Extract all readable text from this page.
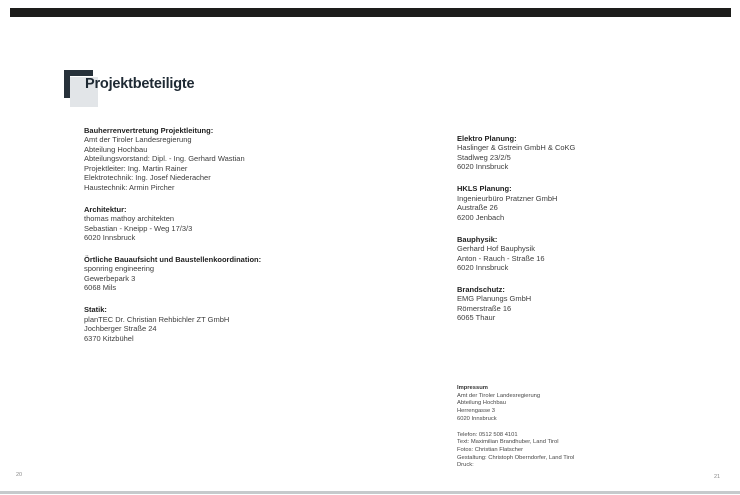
Projektbeteiligte
Bauherrenvertretung Projektleitung:
Amt der Tiroler Landesregierung
Abteilung Hochbau
Abteilungsvorstand: Dipl. - Ing. Gerhard Wastian
Projektleiter: Ing. Martin Rainer
Elektrotechnik: Ing. Josef Niederacher
Haustechnik: Armin Pircher
Architektur:
thomas mathoy architekten
Sebastian - Kneipp - Weg 17/3/3
6020 Innsbruck
Örtliche Bauaufsicht und Baustellenkoordination:
sponring engineering
Gewerbepark 3
6068 Mils
Statik:
planTEC Dr. Christian Rehbichler ZT GmbH
Jochberger Straße 24
6370 Kitzbühel
Elektro Planung:
Haslinger & Gstrein GmbH & CoKG
Stadlweg 23/2/5
6020 Innsbruck
HKLS Planung:
Ingenieurbüro Pratzner GmbH
Austraße 26
6200 Jenbach
Bauphysik:
Gerhard Hof Bauphysik
Anton - Rauch - Straße 16
6020 Innsbruck
Brandschutz:
EMG Planungs GmbH
Römerstraße 16
6065 Thaur
Impressum
Amt der Tiroler Landesregierung
Abteilung Hochbau
Herrengasse 3
6020 Innsbruck
Telefon: 0512 508 4101
Text: Maximilian Brandhuber, Land Tirol
Fotos: Christian Flatscher
Gestaltung: Christoph Oberndorfer, Land Tirol
Druck:
20	21
